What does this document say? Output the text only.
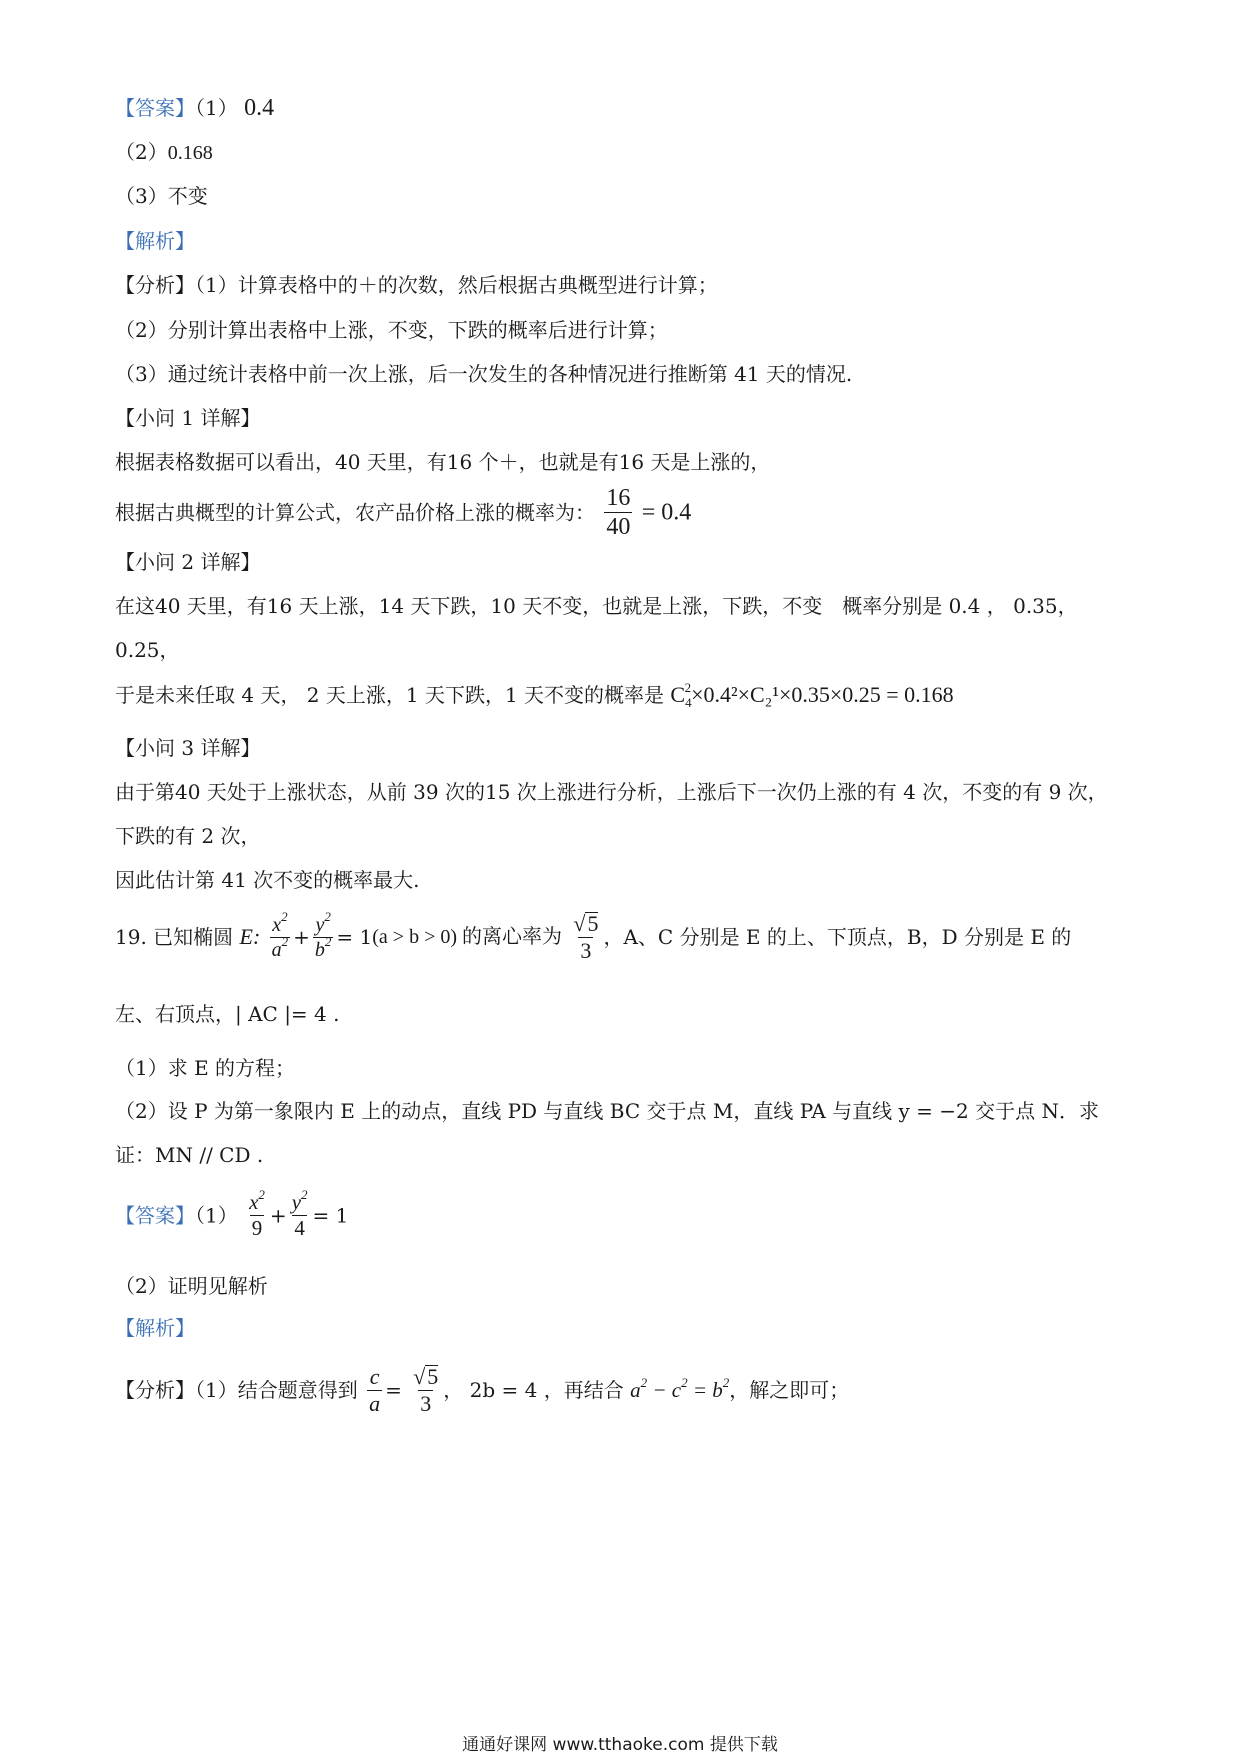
【答案】（1） 0.4
（2）0.168
（3）不变
【解析】
【分析】（1）计算表格中的＋的次数，然后根据古典概型进行计算；
（2）分别计算出表格中上涨，不变，下跌的概率后进行计算；
（3）通过统计表格中前一次上涨，后一次发生的各种情况进行推断第 41 天的情况.
【小问 1 详解】
根据表格数据可以看出，40 天里，有16 个＋，也就是有16 天是上涨的，
根据古典概型的计算公式，农产品价格上涨的概率为： $\frac{16}{40} = 0.4$
【小问 2 详解】
在这40 天里，有16 天上涨，14 天下跌，10 天不变，也就是上涨，下跌，不变　概率分别是 0.4 ， 0.35，
0.25，
于是未来任取 4 天， 2 天上涨，1 天下跌，1 天不变的概率是 $C_4^2\times 0.4^2\times C_2^1\times 0.35\times 0.25 = 0.168$
【小问 3 详解】
由于第40 天处于上涨状态，从前 39 次的15 次上涨进行分析，上涨后下一次仍上涨的有 4 次，不变的有 9 次，
下跌的有 2 次，
因此估计第 41 次不变的概率最大.
19. 已知椭圆 E: $\frac{x^2}{a^2} + \frac{y^2}{b^2} = 1(a > b > 0)$ 的离心率为 $\frac{√5}{3}$ ，A、C 分别是 E 的上、下顶点，B，D 分别是 E 的
左、右顶点，| AC |= 4 .
（1）求 E 的方程；
（2）设 P 为第一象限内 E 上的动点，直线 PD 与直线 BC 交于点 M，直线 PA 与直线 y = −2 交于点 N．求
证：MN // CD .
【答案】$(1) \frac{x^2}{9} + \frac{y^2}{4} = 1$
（2）证明见解析
【解析】
【分析】（1）结合题意得到 $\frac{c}{a} = \frac{√5}{3}$ ， 2b = 4 ，再结合 $a^2 - c^2 = b^2$，解之即可；
通通好课网 www.tthaoke.com 提供下载
